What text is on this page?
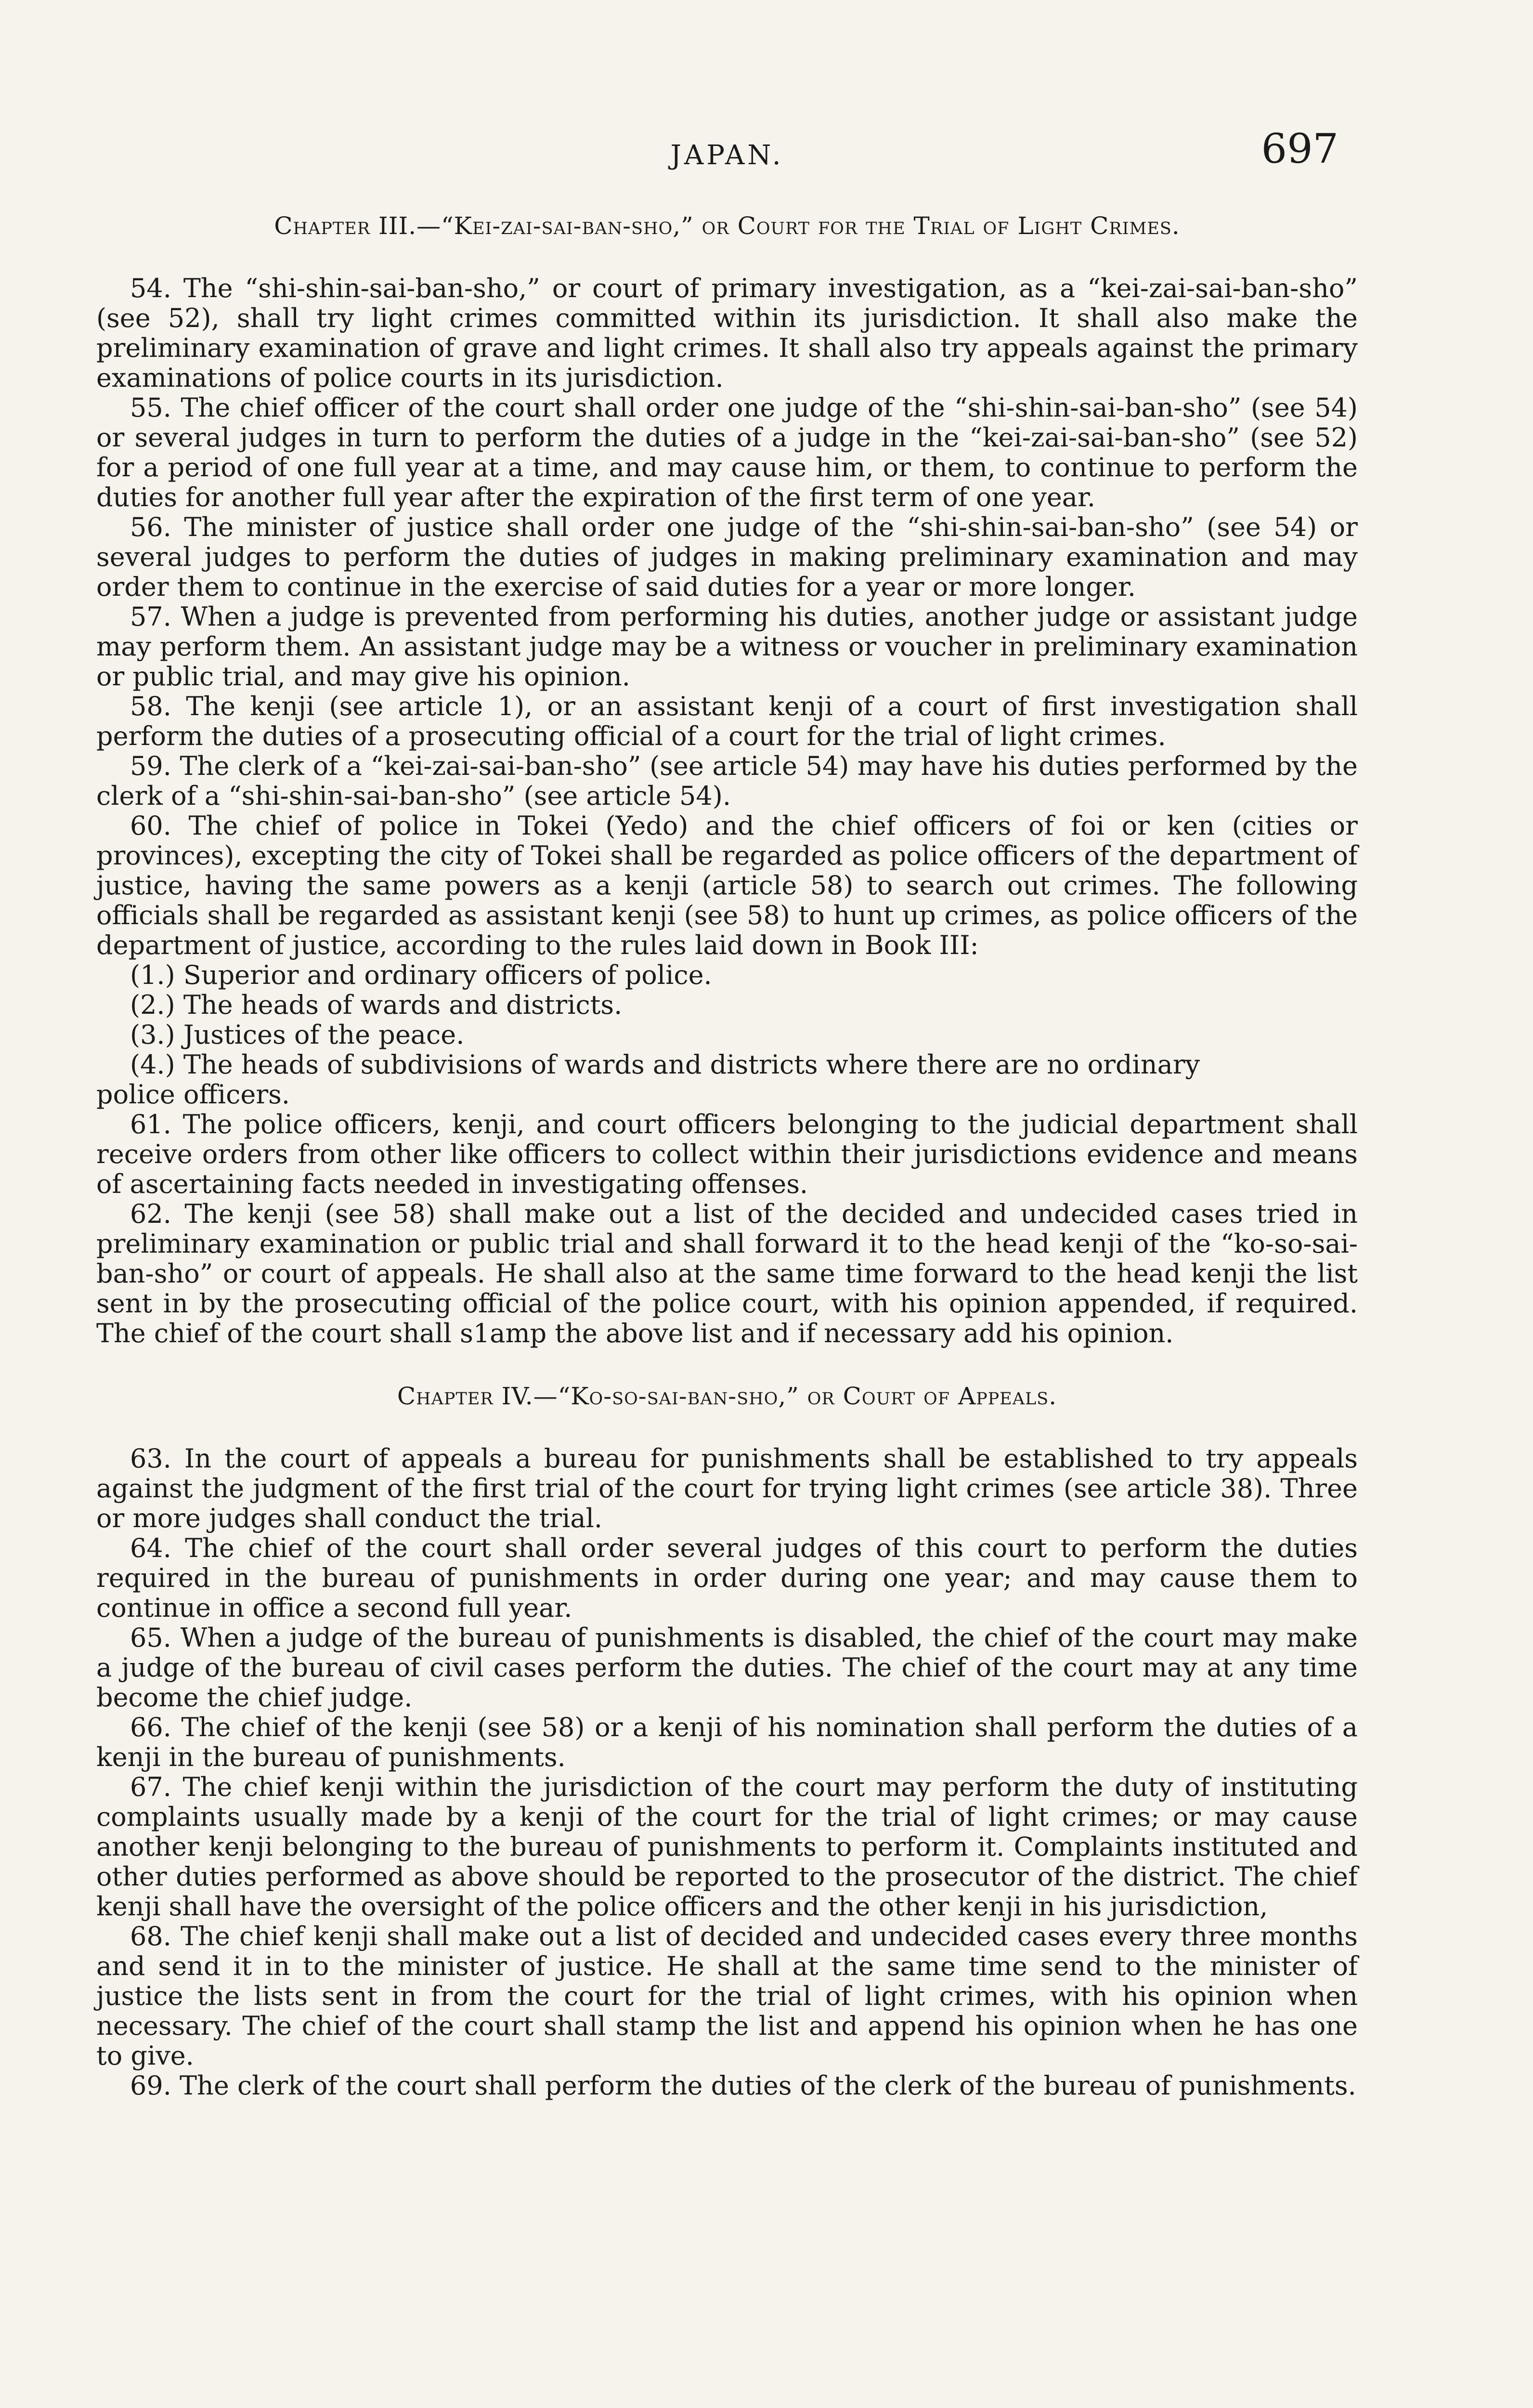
JAPAN.	697
Chapter III.—“Kei-zai-sai-ban-sho,” or Court for the Trial of Light Crimes.

54. The “shi-shin-sai-ban-sho,” or court of primary investigation, as a “kei-zai-sai-ban-sho” (see 52), shall try light crimes committed within its jurisdiction. It shall also make the preliminary examination of grave and light crimes. It shall also try appeals against the primary examinations of police courts in its jurisdiction.

55. The chief officer of the court shall order one judge of the “shi-shin-sai-ban-sho” (see 54) or several judges in turn to perform the duties of a judge in the “kei-zai-sai-ban-sho” (see 52) for a period of one full year at a time, and may cause him, or them, to continue to perform the duties for another full year after the expiration of the first term of one year.

56. The minister of justice shall order one judge of the “shi-shin-sai-ban-sho” (see 54) or several judges to perform the duties of judges in making preliminary examination and may order them to continue in the exercise of said duties for a year or more longer.

57. When a judge is prevented from performing his duties, another judge or assistant judge may perform them. An assistant judge may be a witness or voucher in preliminary examination or public trial, and may give his opinion.

58. The kenji (see article 1), or an assistant kenji of a court of first investigation shall perform the duties of a prosecuting official of a court for the trial of light crimes.

59. The clerk of a “kei-zai-sai-ban-sho” (see article 54) may have his duties performed by the clerk of a “shi-shin-sai-ban-sho” (see article 54).

60. The chief of police in Tokei (Yedo) and the chief officers of foi or ken (cities or provinces), excepting the city of Tokei shall be regarded as police officers of the department of justice, having the same powers as a kenji (article 58) to search out crimes. The following officials shall be regarded as assistant kenji (see 58) to hunt up crimes, as police officers of the department of justice, according to the rules laid down in Book III:

(1.) Superior and ordinary officers of police.

(2.) The heads of wards and districts.

(3.) Justices of the peace.

(4.) The heads of subdivisions of wards and districts where there are no ordinary

police officers.

61. The police officers, kenji, and court officers belonging to the judicial department shall receive orders from other like officers to collect within their jurisdictions evidence and means of ascertaining facts needed in investigating offenses.

62. The kenji (see 58) shall make out a list of the decided and undecided cases tried in preliminary examination or public trial and shall forward it to the head kenji of the “ko-so-sai-ban-sho” or court of appeals. He shall also at the same time forward to the head kenji the list sent in by the prosecuting official of the police court, with his opinion appended, if required. The chief of the court shall s1amp the above list and if necessary add his opinion.

Chapter IV.—“Ko-so-sai-ban-sho,” or Court of Appeals.

63. In the court of appeals a bureau for punishments shall be established to try appeals against the judgment of the first trial of the court for trying light crimes (see article 38). Three or more judges shall conduct the trial.

64. The chief of the court shall order several judges of this court to perform the duties required in the bureau of punishments in order during one year; and may cause them to continue in office a second full year.

65. When a judge of the bureau of punishments is disabled, the chief of the court may make a judge of the bureau of civil cases perform the duties. The chief of the court may at any time become the chief judge.

66. The chief of the kenji (see 58) or a kenji of his nomination shall perform the duties of a kenji in the bureau of punishments.

67. The chief kenji within the jurisdiction of the court may perform the duty of instituting complaints usually made by a kenji of the court for the trial of light crimes; or may cause another kenji belonging to the bureau of punishments to perform it. Complaints instituted and other duties performed as above should be reported to the prosecutor of the district. The chief kenji shall have the oversight of the police officers and the other kenji in his jurisdiction,

68. The chief kenji shall make out a list of decided and undecided cases every three months and send it in to the minister of justice. He shall at the same time send to the minister of justice the lists sent in from the court for the trial of light crimes, with his opinion when necessary. The chief of the court shall stamp the list and append his opinion when he has one to give.

69. The clerk of the court shall perform the duties of the clerk of the bureau of punishments.
